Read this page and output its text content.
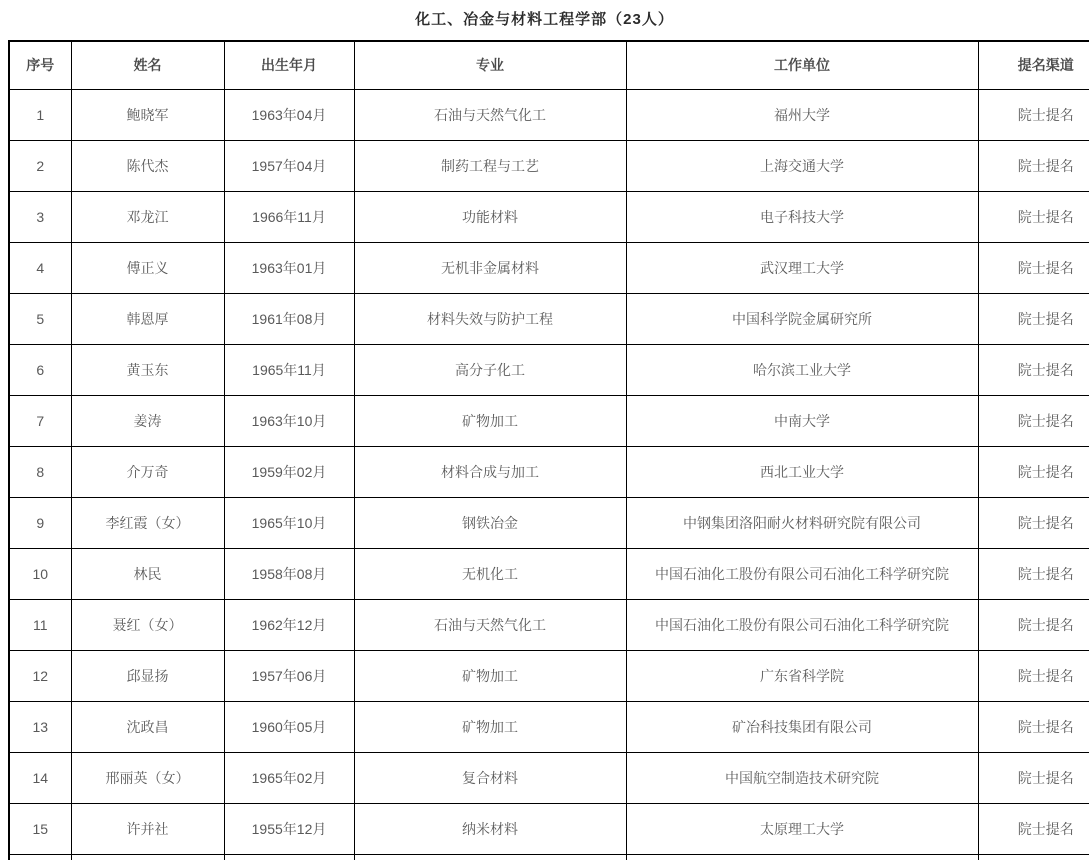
化工、冶金与材料工程学部（23人）
序号	姓名	出生年月	专业	工作单位	提名渠道
1	鲍晓军	1963年04月	石油与天然气化工	福州大学	院士提名
2	陈代杰	1957年04月	制药工程与工艺	上海交通大学	院士提名
3	邓龙江	1966年11月	功能材料	电子科技大学	院士提名
4	傅正义	1963年01月	无机非金属材料	武汉理工大学	院士提名
5	韩恩厚	1961年08月	材料失效与防护工程	中国科学院金属研究所	院士提名
6	黄玉东	1965年11月	高分子化工	哈尔滨工业大学	院士提名
7	姜涛	1963年10月	矿物加工	中南大学	院士提名
8	介万奇	1959年02月	材料合成与加工	西北工业大学	院士提名
9	李红霞（女）	1965年10月	钢铁冶金	中钢集团洛阳耐火材料研究院有限公司	院士提名
10	林民	1958年08月	无机化工	中国石油化工股份有限公司石油化工科学研究院	院士提名
11	聂红（女）	1962年12月	石油与天然气化工	中国石油化工股份有限公司石油化工科学研究院	院士提名
12	邱显扬	1957年06月	矿物加工	广东省科学院	院士提名
13	沈政昌	1960年05月	矿物加工	矿冶科技集团有限公司	院士提名
14	邢丽英（女）	1965年02月	复合材料	中国航空制造技术研究院	院士提名
15	许并社	1955年12月	纳米材料	太原理工大学	院士提名
